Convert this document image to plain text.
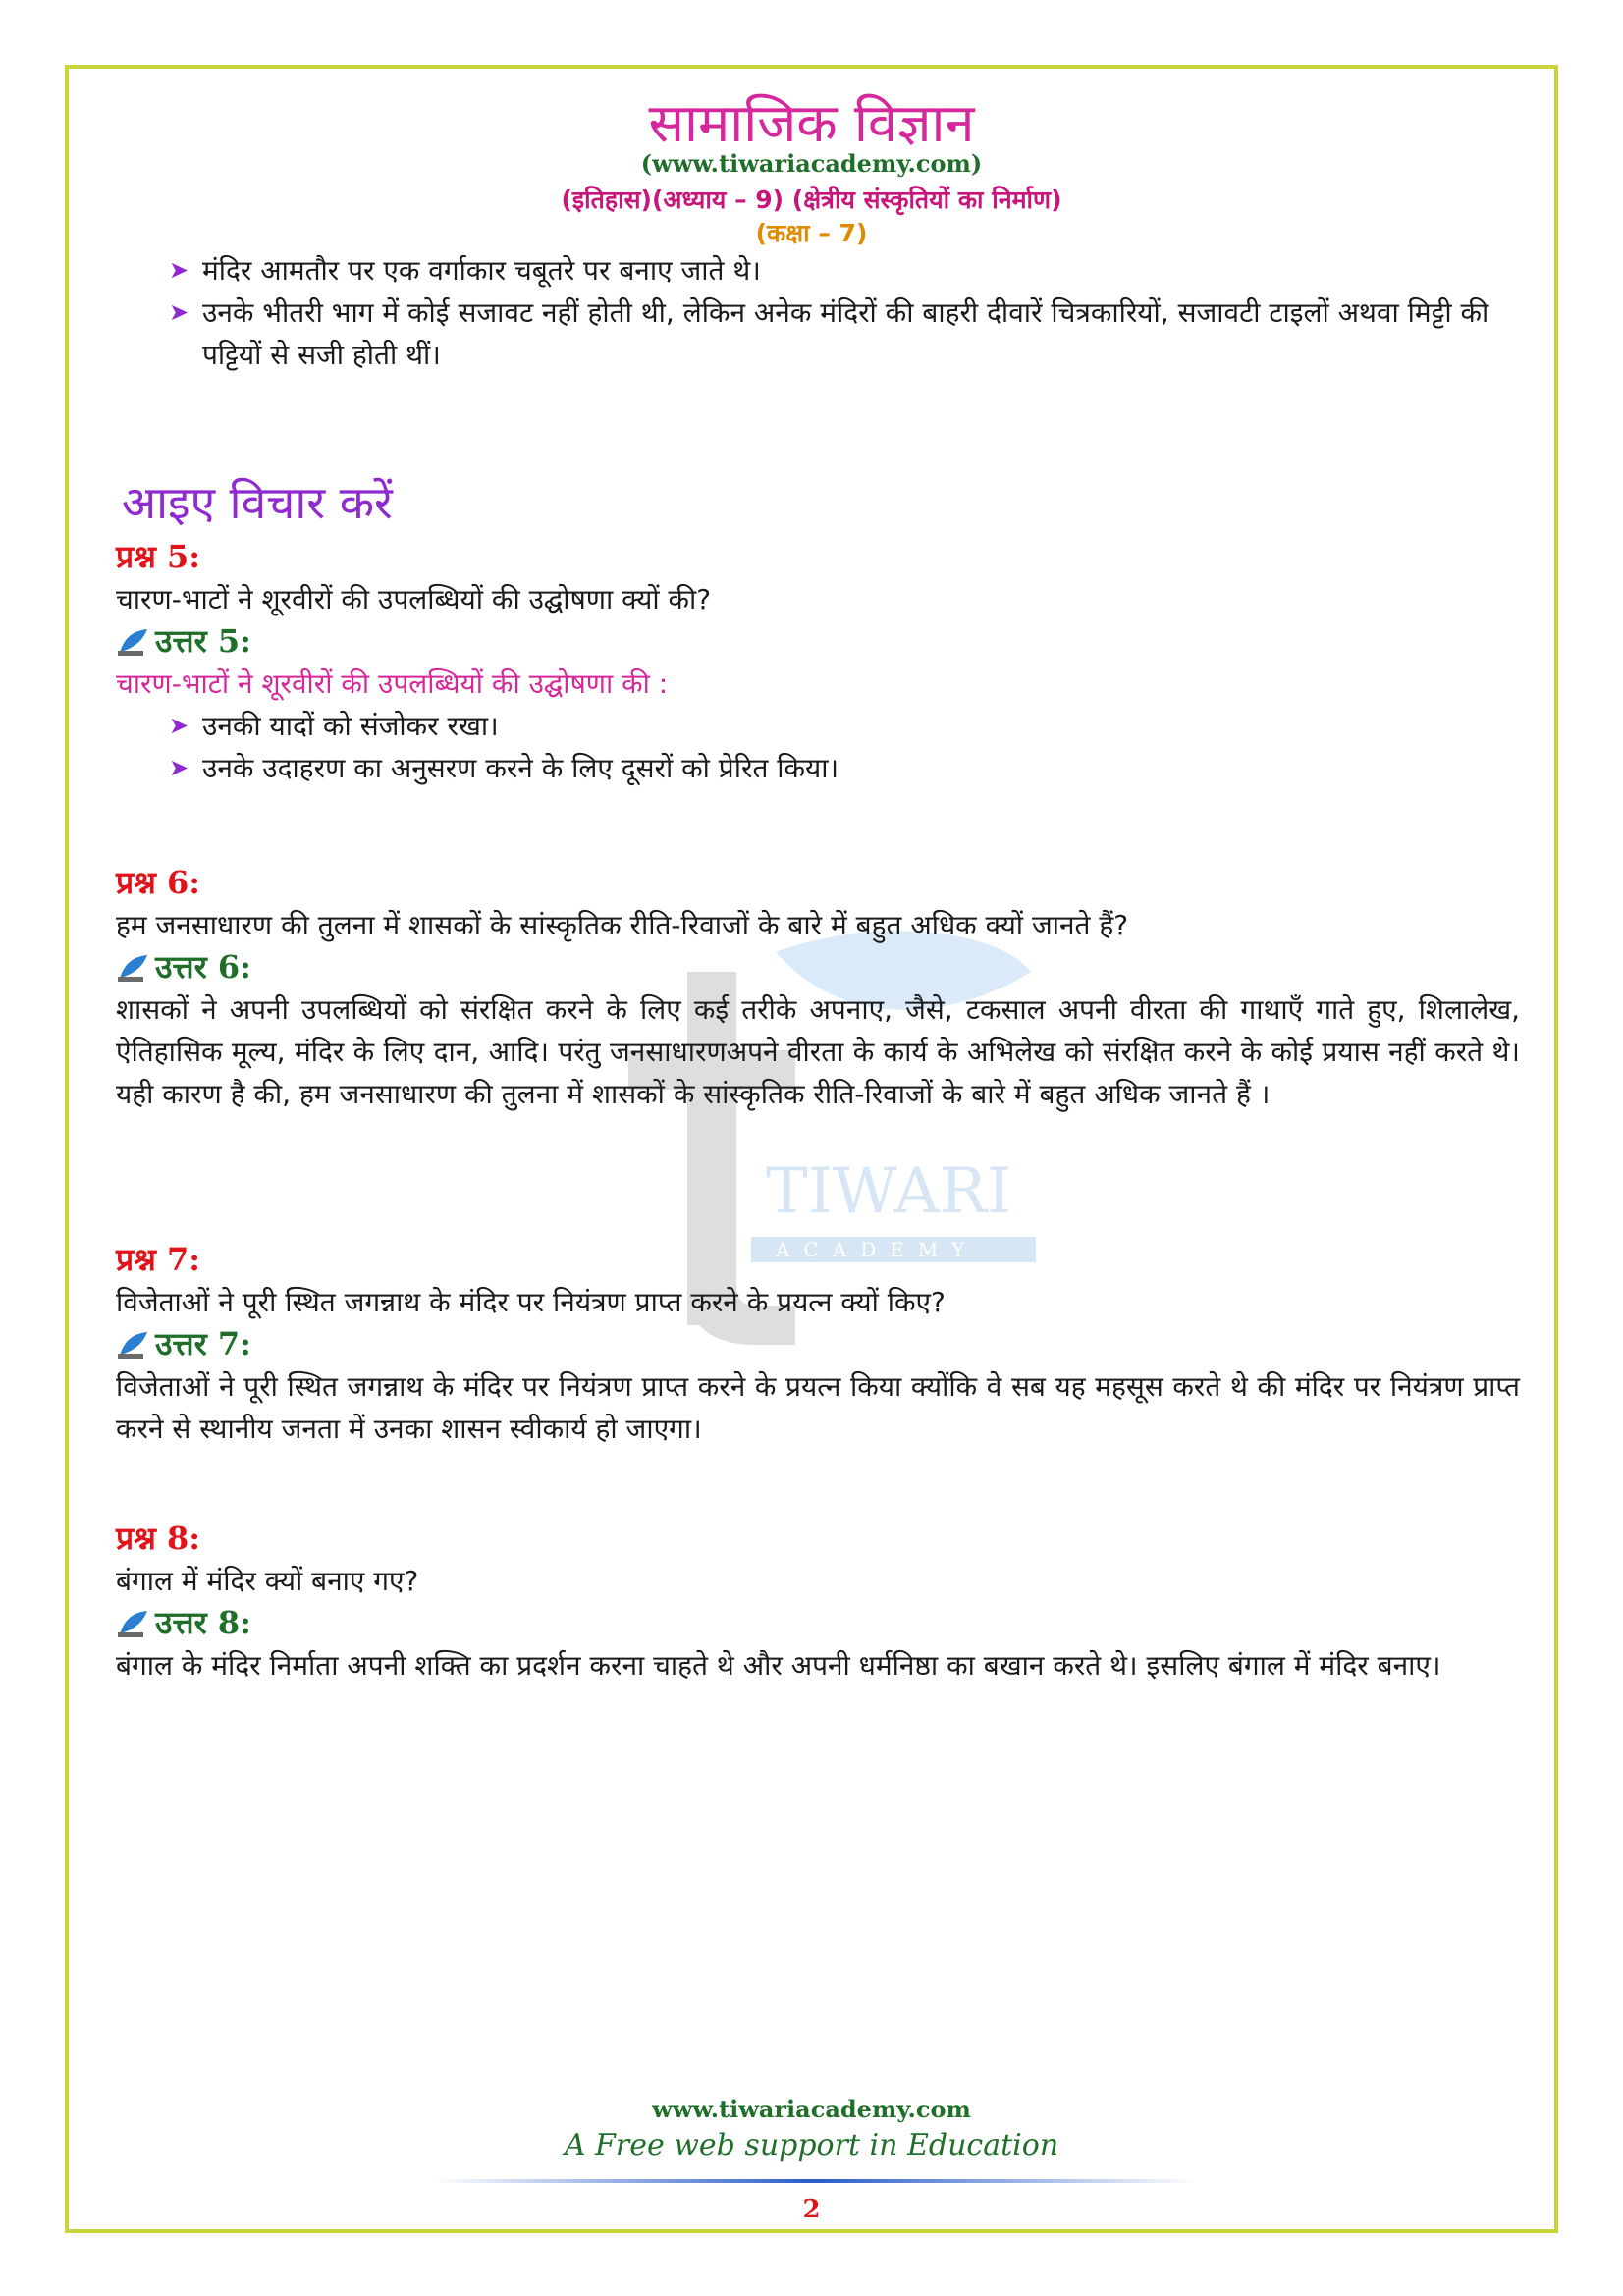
सामाजिक विज्ञान
(www.tiwariacademy.com)
(इतिहास)(अध्याय – 9) (क्षेत्रीय संस्कृतियों का निर्माण)
(कक्षा – 7)
TIWARI
ACADEMY
➤ मंदिर आमतौर पर एक वर्गाकार चबूतरे पर बनाए जाते थे।
➤ उनके भीतरी भाग में कोई सजावट नहीं होती थी, लेकिन अनेक मंदिरों की बाहरी दीवारें चित्रकारियों, सजावटी टाइलों अथवा मिट्टी की पट्टियों से सजी होती थीं।
आइए विचार करें
प्रश्न 5:
चारण-भाटों ने शूरवीरों की उपलब्धियों की उद्घोषणा क्यों की?
उत्तर 5:
चारण-भाटों ने शूरवीरों की उपलब्धियों की उद्घोषणा की :
➤ उनकी यादों को संजोकर रखा।
➤ उनके उदाहरण का अनुसरण करने के लिए दूसरों को प्रेरित किया।
प्रश्न 6:
हम जनसाधारण की तुलना में शासकों के सांस्कृतिक रीति-रिवाजों के बारे में बहुत अधिक क्यों जानते हैं?
उत्तर 6:
शासकों ने अपनी उपलब्धियों को संरक्षित करने के लिए कई तरीके अपनाए, जैसे, टकसाल अपनी वीरता की गाथाएँ गाते हुए, शिलालेख, ऐतिहासिक मूल्य, मंदिर के लिए दान, आदि। परंतु जनसाधारणअपने वीरता के कार्य के अभिलेख को संरक्षित करने के कोई प्रयास नहीं करते थे। यही कारण है की, हम जनसाधारण की तुलना में शासकों के सांस्कृतिक रीति-रिवाजों के बारे में बहुत अधिक जानते हैं ।
प्रश्न 7:
विजेताओं ने पूरी स्थित जगन्नाथ के मंदिर पर नियंत्रण प्राप्त करने के प्रयत्न क्यों किए?
उत्तर 7:
विजेताओं ने पूरी स्थित जगन्नाथ के मंदिर पर नियंत्रण प्राप्त करने के प्रयत्न किया क्योंकि वे सब यह महसूस करते थे की मंदिर पर नियंत्रण प्राप्त करने से स्थानीय जनता में उनका शासन स्वीकार्य हो जाएगा।
प्रश्न 8:
बंगाल में मंदिर क्यों बनाए गए?
उत्तर 8:
बंगाल के मंदिर निर्माता अपनी शक्ति का प्रदर्शन करना चाहते थे और अपनी धर्मनिष्ठा का बखान करते थे। इसलिए बंगाल में मंदिर बनाए।
www.tiwariacademy.com
A Free web support in Education
2
